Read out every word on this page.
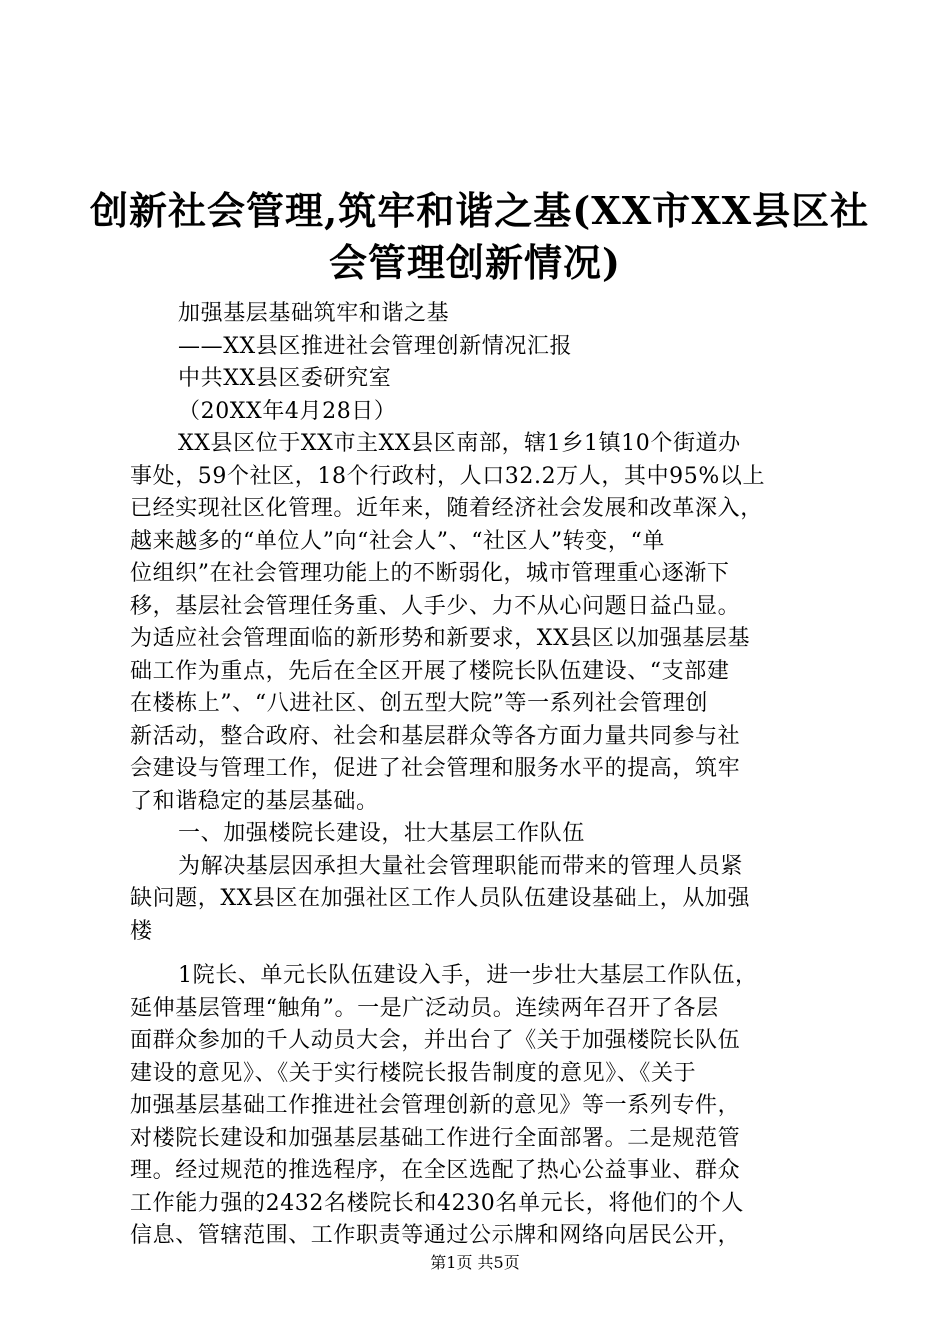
创新社会管理,筑牢和谐之基(XX市XX县区社
会管理创新情况)
加强基层基础筑牢和谐之基
——XX县区推进社会管理创新情况汇报
中共XX县区委研究室
（20XX年4月28日）
XX县区位于XX市主XX县区南部，辖1乡1镇10个街道办
事处，59个社区，18个行政村，人口32.2万人，其中95%以上
已经实现社区化管理。近年来，随着经济社会发展和改革深入，
越来越多的“单位人”向“社会人”、“社区人”转变，“单
位组织”在社会管理功能上的不断弱化，城市管理重心逐渐下
移，基层社会管理任务重、人手少、力不从心问题日益凸显。
为适应社会管理面临的新形势和新要求，XX县区以加强基层基
础工作为重点，先后在全区开展了楼院长队伍建设、“支部建
在楼栋上”、“八进社区、创五型大院”等一系列社会管理创
新活动，整合政府、社会和基层群众等各方面力量共同参与社
会建设与管理工作，促进了社会管理和服务水平的提高，筑牢
了和谐稳定的基层基础。
一、加强楼院长建设，壮大基层工作队伍
为解决基层因承担大量社会管理职能而带来的管理人员紧
缺问题，XX县区在加强社区工作人员队伍建设基础上，从加强
楼
1院长、单元长队伍建设入手，进一步壮大基层工作队伍，
延伸基层管理“触角”。一是广泛动员。连续两年召开了各层
面群众参加的千人动员大会，并出台了《关于加强楼院长队伍
建设的意见》、《关于实行楼院长报告制度的意见》、《关于
加强基层基础工作推进社会管理创新的意见》等一系列专件，
对楼院长建设和加强基层基础工作进行全面部署。二是规范管
理。经过规范的推选程序，在全区选配了热心公益事业、群众
工作能力强的2432名楼院长和4230名单元长，将他们的个人
信息、管辖范围、工作职责等通过公示牌和网络向居民公开，
第1页 共5页
